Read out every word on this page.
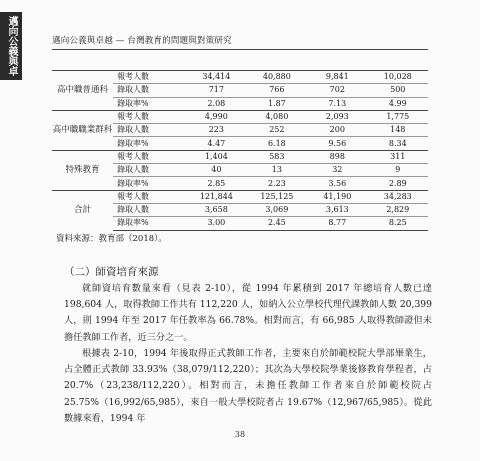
邁向公義與卓
邁向公義與卓越 — 台灣教育的問題與對策研究
高中職普通科	報考人數	34,414	40,880	9,841	10,028
	錄取人數	717	766	702	500
	錄取率%	2.08	1.87	7.13	4.99
高中職職業群科	報考人數	4,990	4,080	2,093	1,775
	錄取人數	223	252	200	148
	錄取率%	4.47	6.18	9.56	8.34
特殊教育	報考人數	1,404	583	898	311
	錄取人數	40	13	32	9
	錄取率%	2.85	2.23	3.56	2.89
合計	報考人數	121,844	125,125	41,190	34,283
	錄取人數	3,658	3,069	3,613	2,829
	錄取率%	3.00	2.45	8.77	8.25
資料來源：教育部（2018）。
（二）師資培育來源

就師資培育數量來看（見表 2-10），從 1994 年累積到 2017 年總培育人數已達 198,604 人，取得教師工作共有 112,220 人，如納入公立學校代理代課教師人數 20,399 人，則 1994 年至 2017 年任教率為 66.78%。相對而言，有 66,985 人取得教師證但未擔任教師工作者，近三分之一。

根據表 2-10，1994 年後取得正式教師工作者，主要來自於師範校院大學部畢業生，占全體正式教師 33.93%（38,079/112,220）；其次為大學校院學業後修教育學程者，占 20.7%（23,238/112,220）。相對而言，未擔任教師工作者來自於師範校院占 25.75%（16,992/65,985），來自一般大學校院者占 19.67%（12,967/65,985）。從此數據來看，1994 年

38
